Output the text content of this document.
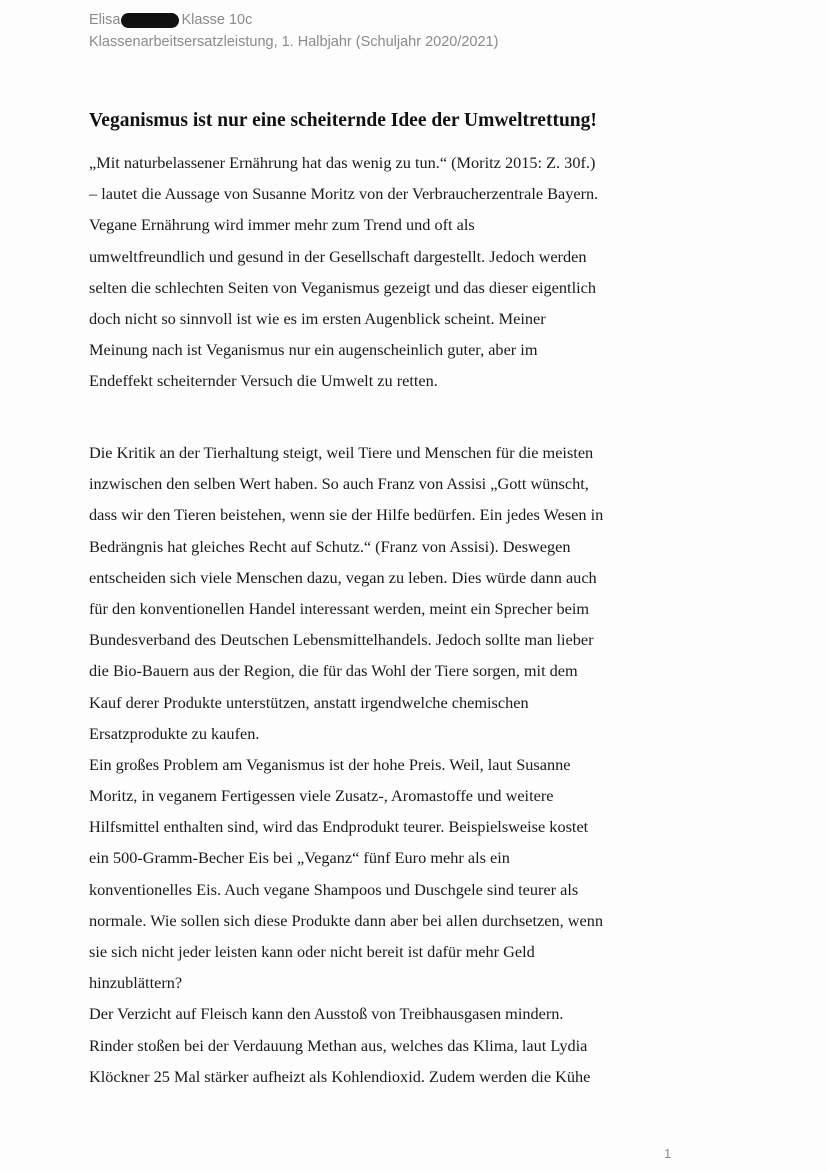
Elisa	Klasse 10c
Klassenarbeitsersatzleistung, 1. Halbjahr (Schuljahr 2020/2021)
Veganismus ist nur eine scheiternde Idee der Umweltrettung!
„Mit naturbelassener Ernährung hat das wenig zu tun.“ (Moritz 2015: Z. 30f.)
– lautet die Aussage von Susanne Moritz von der Verbraucherzentrale Bayern.
Vegane Ernährung wird immer mehr zum Trend und oft als
umweltfreundlich und gesund in der Gesellschaft dargestellt. Jedoch werden
selten die schlechten Seiten von Veganismus gezeigt und das dieser eigentlich
doch nicht so sinnvoll ist wie es im ersten Augenblick scheint. Meiner
Meinung nach ist Veganismus nur ein augenscheinlich guter, aber im
Endeffekt scheiternder Versuch die Umwelt zu retten.
Die Kritik an der Tierhaltung steigt, weil Tiere und Menschen für die meisten
inzwischen den selben Wert haben. So auch Franz von Assisi „Gott wünscht,
dass wir den Tieren beistehen, wenn sie der Hilfe bedürfen. Ein jedes Wesen in
Bedrängnis hat gleiches Recht auf Schutz.“ (Franz von Assisi). Deswegen
entscheiden sich viele Menschen dazu, vegan zu leben. Dies würde dann auch
für den konventionellen Handel interessant werden, meint ein Sprecher beim
Bundesverband des Deutschen Lebensmittelhandels. Jedoch sollte man lieber
die Bio-Bauern aus der Region, die für das Wohl der Tiere sorgen, mit dem
Kauf derer Produkte unterstützen, anstatt irgendwelche chemischen
Ersatzprodukte zu kaufen.
Ein großes Problem am Veganismus ist der hohe Preis. Weil, laut Susanne
Moritz, in veganem Fertigessen viele Zusatz-, Aromastoffe und weitere
Hilfsmittel enthalten sind, wird das Endprodukt teurer. Beispielsweise kostet
ein 500-Gramm-Becher Eis bei „Veganz“ fünf Euro mehr als ein
konventionelles Eis. Auch vegane Shampoos und Duschgele sind teurer als
normale. Wie sollen sich diese Produkte dann aber bei allen durchsetzen, wenn
sie sich nicht jeder leisten kann oder nicht bereit ist dafür mehr Geld
hinzublättern?
Der Verzicht auf Fleisch kann den Ausstoß von Treibhausgasen mindern.
Rinder stoßen bei der Verdauung Methan aus, welches das Klima, laut Lydia
Klöckner 25 Mal stärker aufheizt als Kohlendioxid. Zudem werden die Kühe
1
